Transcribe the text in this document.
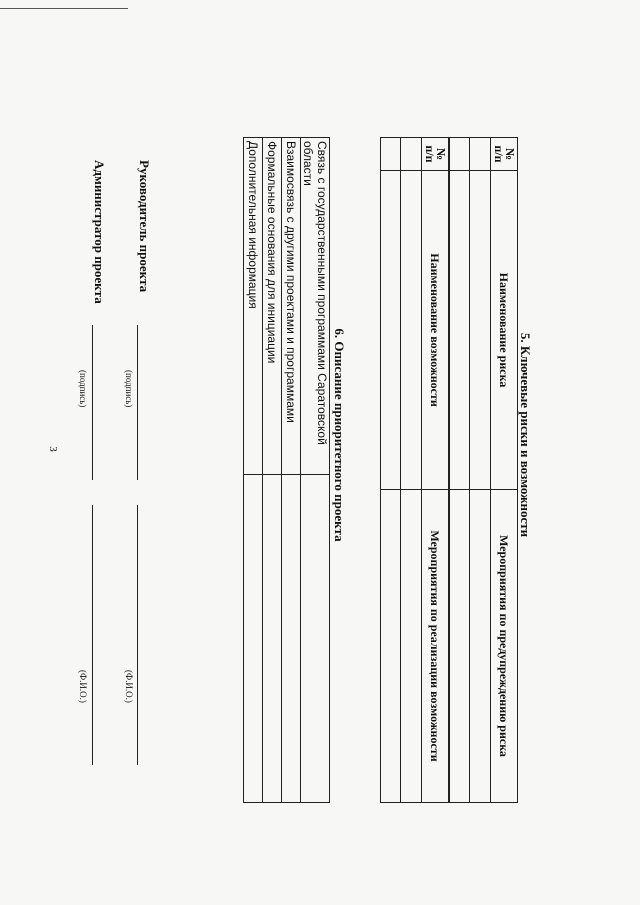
3	5. Ключевые риски и возможности
№ п/п	Наименование риска	Мероприятия по предупреждению риска

№ п/п	Наименование возможности	Мероприятия по реализации возможности

6. Описание приоритетного проекта
Связь с государственными программами Саратовской области	
Взаимосвязь с другими проектами и программами	
Формальные основания для инициации	
Дополнительная информация	
Руководитель проекта
(подпись)
(Ф.И.О.)
Администратор проекта
(подпись)
(Ф.И.О.)
